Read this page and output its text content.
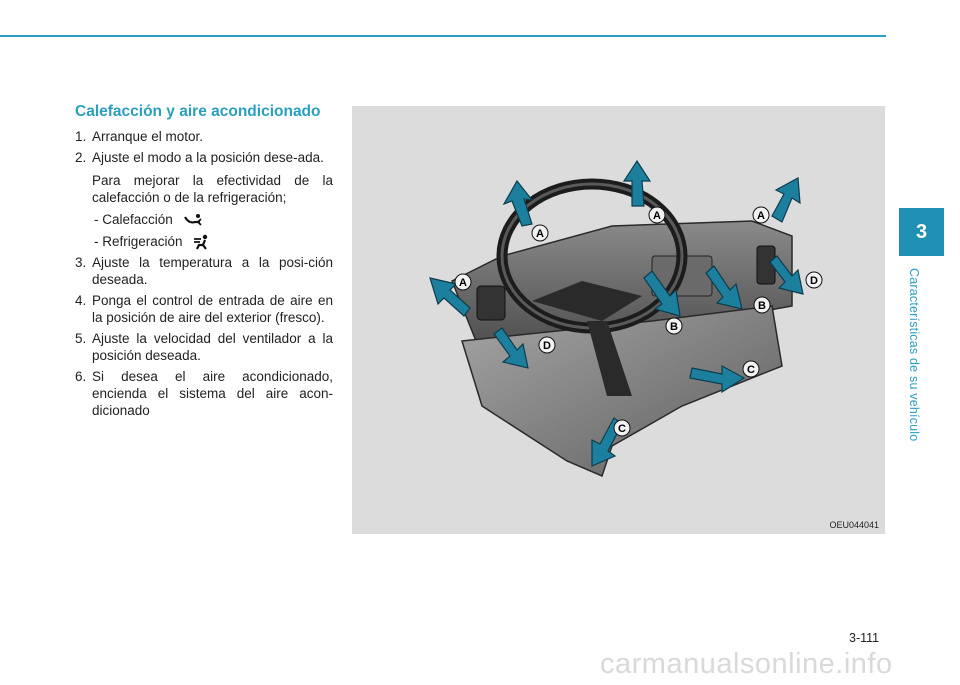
3
Características de su vehículo
Calefacción y aire acondicionado
1. Arranque el motor.
2. Ajuste el modo a la posición dese-ada.
Para mejorar la efectividad de la calefacción o de la refrigeración;
- Calefacción
- Refrigeración
3. Ajuste la temperatura a la posi-ción deseada.
4. Ponga el control de entrada de aire en la posición de aire del exterior (fresco).
5. Ajuste la velocidad del ventilador a la posición deseada.
6. Si desea el aire acondicionado, encienda el sistema del aire acon-dicionado
A
A	A
A
B
B
C
C
D
D
OEU044041
3-111
carmanualsonline.info
